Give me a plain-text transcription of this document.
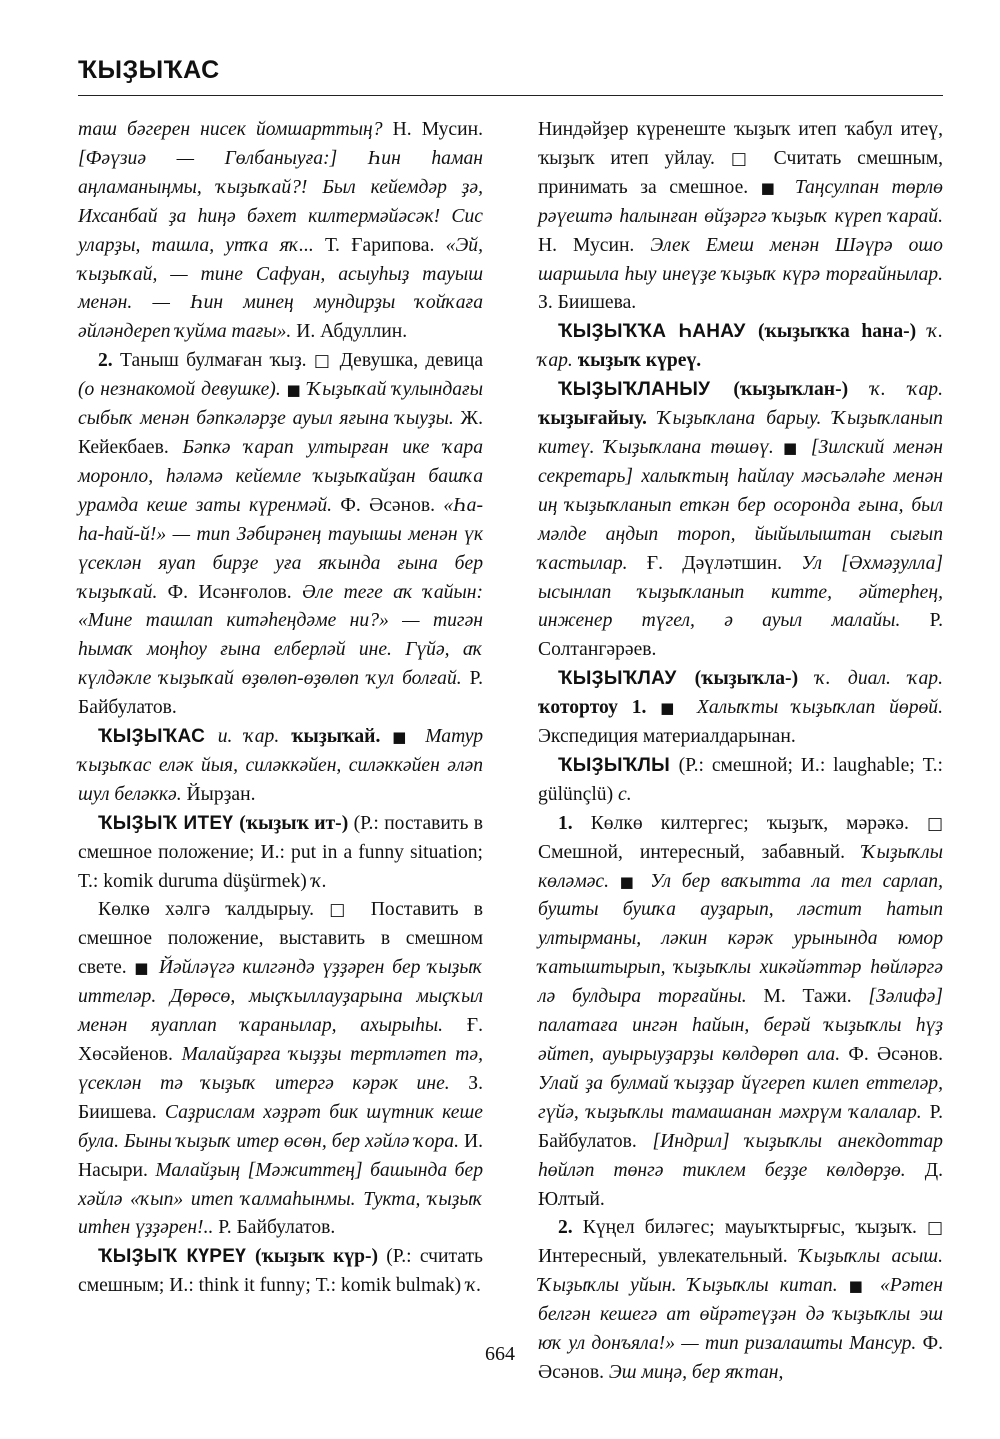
ҠЫҘЫҠАС

таш бәгерен нисек йомшарттың? Н. Мусин. [Фәүзиә — Гөлбаныуға:] Һин һаман аңламаныңмы, ҡыҙыҡай?! Был кейемдәр ҙә, Ихсанбай ҙа һиңә бәхет килтермәйәсәк! Сис уларҙы, ташла, утҡа яҡ... Т. Ғарипова. «Эй, ҡыҙыҡай, — тине Сафуан, асыуһыҙ тауыш менән. — Һин минең мундирҙы ҡойҡаға әйләндереп ҡуйма тағы». И. Абдуллин.

2. Таныш булмаған ҡыҙ. □ Девушка, девица (о незнакомой девушке). ■ Ҡыҙыҡай ҡулындағы сыбыҡ менән бәпкәләрҙе ауыл яғына ҡыуҙы. Ж. Кейекбаев. Бәпкә ҡарап ултырған ике ҡара моронло, һәләмә кейемле ҡыҙыҡайҙан башҡа урамда кеше заты күренмәй. Ф. Әсәнов. «Һа-һа-һай-й!» — тип Зәбирәнең тауышы менән үк үсеклән яуап бирҙе уға яҡында ғына бер ҡыҙыҡай. Ф. Исәнғолов. Әле теге аҡ ҡайын: «Мине ташлап китәһеңдәме ни?» — тигән һымаҡ моңһоу ғына елберләй ине. Гүйә, аҡ күлдәкле ҡыҙыҡай өҙөлөп-өҙөлөп ҡул болғай. Р. Байбулатов.

ҠЫҘЫҠАС и. ҡар. ҡыҙыҡай. ■ Матур ҡыҙыҡас еләк йыя, силәккәйен, силәккәйен әләп шул беләккә. Йырҙан.

ҠЫҘЫҠ ИТЕҮ (ҡыҙыҡ ит-) (Р.: поставить в смешное положение; И.: put in a funny situation; Т.: komik duruma düşürmek) ҡ.

Көлкө хәлгә ҡалдырыу. □ Поставить в смешное положение, выставить в смешном свете. ■ Йәйләүгә килгәндә үҙҙәрен бер ҡыҙыҡ иттеләр. Дөрөсө, мыҫҡыллауҙарына мыҫҡыл менән яуаплап ҡаранылар, ахырыһы. Ғ. Хөсәйенов. Малайҙарға ҡыҙҙы тертләтеп тә, үсеклән тә ҡыҙыҡ итергә кәрәк ине. З. Биишева. Саҙрислам хәҙрәт бик шүтник кеше булa. Быны ҡыҙыҡ итер өсөн, бер хәйлә ҡора. И. Насыри. Малайҙың [Мәжиттең] башында бер хәйлә «ҡып» итеп ҡалмаһынмы. Тукта, ҡыҙыҡ итһен үҙҙәрен!.. Р. Байбулатов.

ҠЫҘЫҠ КҮРЕҮ (ҡыҙыҡ күр-) (Р.: считать смешным; И.: think it funny; Т.: komik bulmak) ҡ.

Ниндәйҙер күренеште ҡыҙыҡ итеп ҡабул итеү, ҡыҙыҡ итеп уйлау. □ Считать смешным, принимать за смешное. ■ Таңсулпан төрлө рәүештә һалынған өйҙәргә ҡыҙыҡ күреп ҡарай. Н. Мусин. Элек Емеш менән Шәүрә ошо шаршыла һыу инеүҙе ҡыҙыҡ күрә торғайнылар. З. Биишева.

ҠЫҘЫҠҠА ҺАНАУ (ҡыҙыҡҡа һана-) ҡ. ҡар. ҡыҙыҡ күреү.

ҠЫҘЫҠЛАНЫУ (ҡыҙыҡлан-) ҡ. ҡар. ҡыҙығайыу. Ҡыҙыҡлана барыу. Ҡыҙыҡланып китеү. Ҡыҙыҡлана төшөү. ■ [Зилский менән секретарь] халыҡтың һайлау мәсьәләһе менән иң ҡыҙыҡланып еткән бер осоронда ғына, был мәлде аңдып тороп, йыйылыштан сығып ҡастылар. Ғ. Дәүләтшин. Ул [Әхмәҙулла] ысынлап ҡыҙыҡланып китте, әйтерһең, инженер түгел, ә ауыл малайы. Р. Солтангәрәев.

ҠЫҘЫҠЛАУ (ҡыҙыҡла-) ҡ. диал. ҡар. ҡотортоу 1. ■ Халыҡты ҡыҙыҡлап йөрөй. Экспедиция материалдарынан.

ҠЫҘЫҠЛЫ (Р.: смешной; И.: laughable; Т.: gülünçlü) с.

1. Көлкө килтергес; ҡыҙыҡ, мәрәкә. □ Смешной, интересный, забавный. Ҡыҙыҡлы көләмәс. ■ Ул бер ваҡытта ла тел сарлап, бушты бушҡа ауҙарып, ләстит һатып ултырманы, ләкин кәрәк урынында юмор ҡатыштырып, ҡыҙыҡлы хикәйәттәр һөйләргә лә булдыра торғайны. М. Тажи. [Зәлифә] палатаға ингән һайын, берәй ҡыҙыҡлы һүҙ әйтеп, ауырыуҙарҙы көлдөрөп ала. Ф. Әсәнов. Улай ҙа булмай ҡыҙҙар йүгереп килеп еттеләр, гүйә, ҡыҙыҡлы тамашанан мәхрүм ҡалалар. Р. Байбулатов. [Индрил] ҡыҙыҡлы анекдоттар һөйләп төнгә тиклем беҙҙе көлдөрҙө. Д. Юлтый.

2. Күңел биләгес; мауыҡтырғыс, ҡыҙыҡ. □ Интересный, увлекательный. Ҡыҙыҡлы асыш. Ҡыҙыҡлы уйын. Ҡыҙыҡлы китап. ■ «Рәтен белгән кешегә ат өйрәтеүҙән дә ҡыҙыҡлы эш юҡ ул донъяла!» — тип ризалашты Мансур. Ф. Әсәнов. Эш миңә, бер яҡтан,

664
